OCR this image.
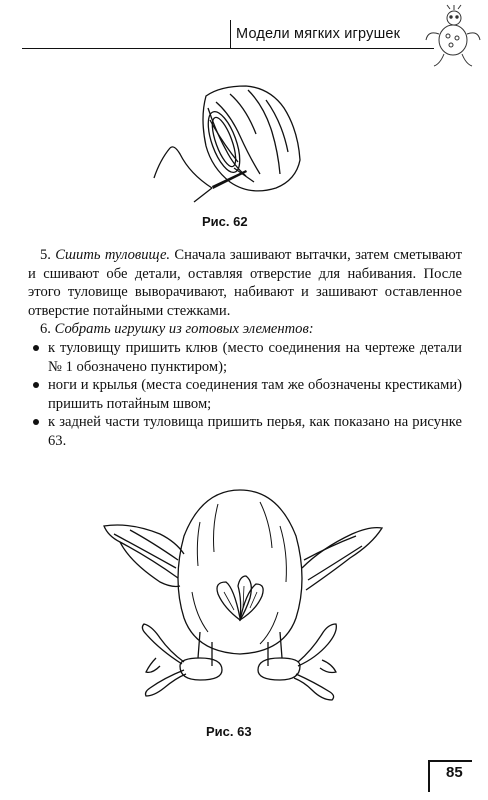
Модели мягких игрушек
Рис. 62

5. Сшить туловище. Сначала зашивают вытачки, затем сметывают и сшивают обе детали, оставляя отверстие для набивания. После этого туловище выворачивают, набивают и зашивают оставленное отверстие потайными стежками.

6. Собрать игрушку из готовых элементов:

к туловищу пришить клюв (место соединения на чертеже детали № 1 обозначено пунктиром);
ноги и крылья (места соединения там же обозначены крестиками) пришить потайным швом;
к задней части туловища пришить перья, как показано на рисунке 63.
Рис. 63
85
